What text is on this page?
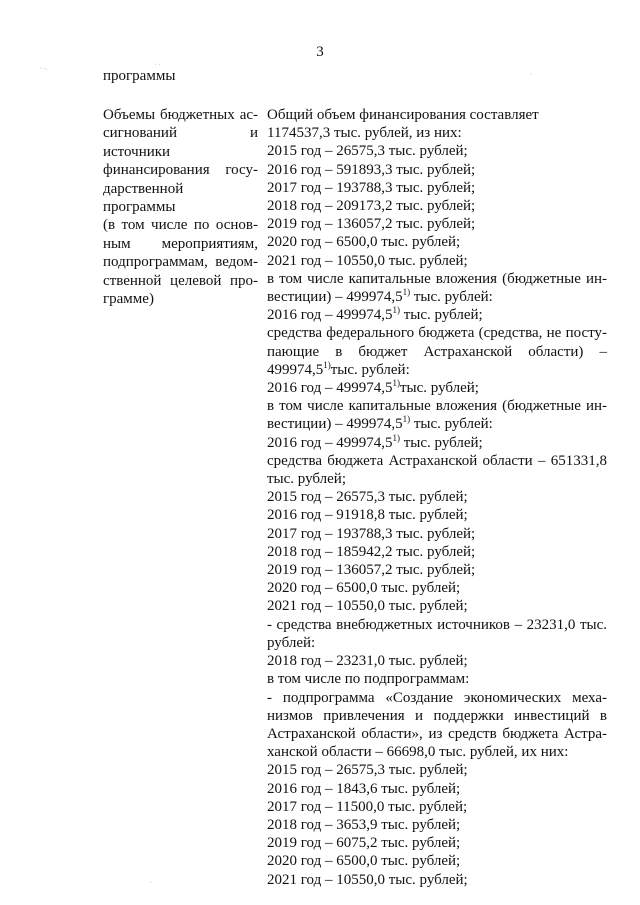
3
· ·.
· ·
·
·
программы
Объемы бюджетных ас-
сигнований и источники
финансирования госу-
дарственной программы
(в том числе по основ-
ным мероприятиям,
подпрограммам, ведом-
ственной целевой про-
грамме)
Общий объем финансирования составляет
1174537,3 тыс. рублей, из них:
2015 год – 26575,3 тыс. рублей;
2016 год – 591893,3 тыс. рублей;
2017 год – 193788,3 тыс. рублей;
2018 год – 209173,2 тыс. рублей;
2019 год – 136057,2 тыс. рублей;
2020 год – 6500,0 тыс. рублей;
2021 год – 10550,0 тыс. рублей;
в том числе капитальные вложения (бюджетные ин-
вестиции) – 499974,5$^{1)}$ тыс. рублей:
2016 год – 499974,5$^{1)}$ тыс. рублей;
средства федерального бюджета (средства, не посту-
пающие в бюджет Астраханской области) –
499974,5$^{1)}$тыс. рублей:
2016 год – 499974,5$^{1)}$тыс. рублей;
в том числе капитальные вложения (бюджетные ин-
вестиции) – 499974,5$^{1)}$ тыс. рублей:
2016 год – 499974,5$^{1)}$ тыс. рублей;
средства бюджета Астраханской области – 651331,8
тыс. рублей;
2015 год – 26575,3 тыс. рублей;
2016 год – 91918,8 тыс. рублей;
2017 год – 193788,3 тыс. рублей;
2018 год – 185942,2 тыс. рублей;
2019 год – 136057,2 тыс. рублей;
2020 год – 6500,0 тыс. рублей;
2021 год – 10550,0 тыс. рублей;
- средства внебюджетных источников – 23231,0 тыс.
рублей:
2018 год – 23231,0 тыс. рублей;
в том числе по подпрограммам:
- подпрограмма «Создание экономических меха-
низмов привлечения и поддержки инвестиций в
Астраханской области», из средств бюджета Астра-
ханской области – 66698,0 тыс. рублей, их них:
2015 год – 26575,3 тыс. рублей;
2016 год – 1843,6 тыс. рублей;
2017 год – 11500,0 тыс. рублей;
2018 год – 3653,9 тыс. рублей;
2019 год – 6075,2 тыс. рублей;
2020 год – 6500,0 тыс. рублей;
2021 год – 10550,0 тыс. рублей;
